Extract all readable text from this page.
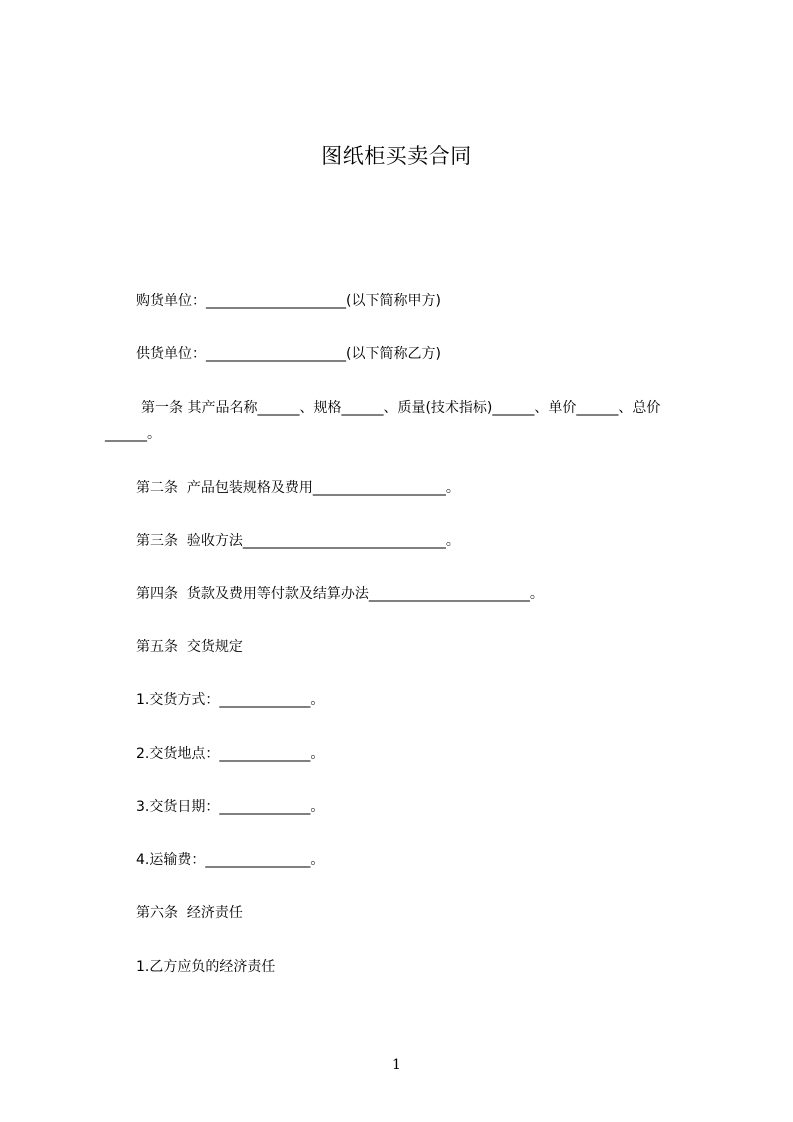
图纸柜买卖合同
购货单位：____________________(以下简称甲方)
供货单位：____________________(以下简称乙方)
第一条 其产品名称______、规格______、质量(技术指标)______、单价______、总价______。
第二条  产品包装规格及费用___________________。
第三条  验收方法_____________________________。
第四条  货款及费用等付款及结算办法_______________________。
第五条  交货规定
1.交货方式：_____________。
2.交货地点：_____________。
3.交货日期：_____________。
4.运输费：_______________。
第六条  经济责任
1.乙方应负的经济责任
1
